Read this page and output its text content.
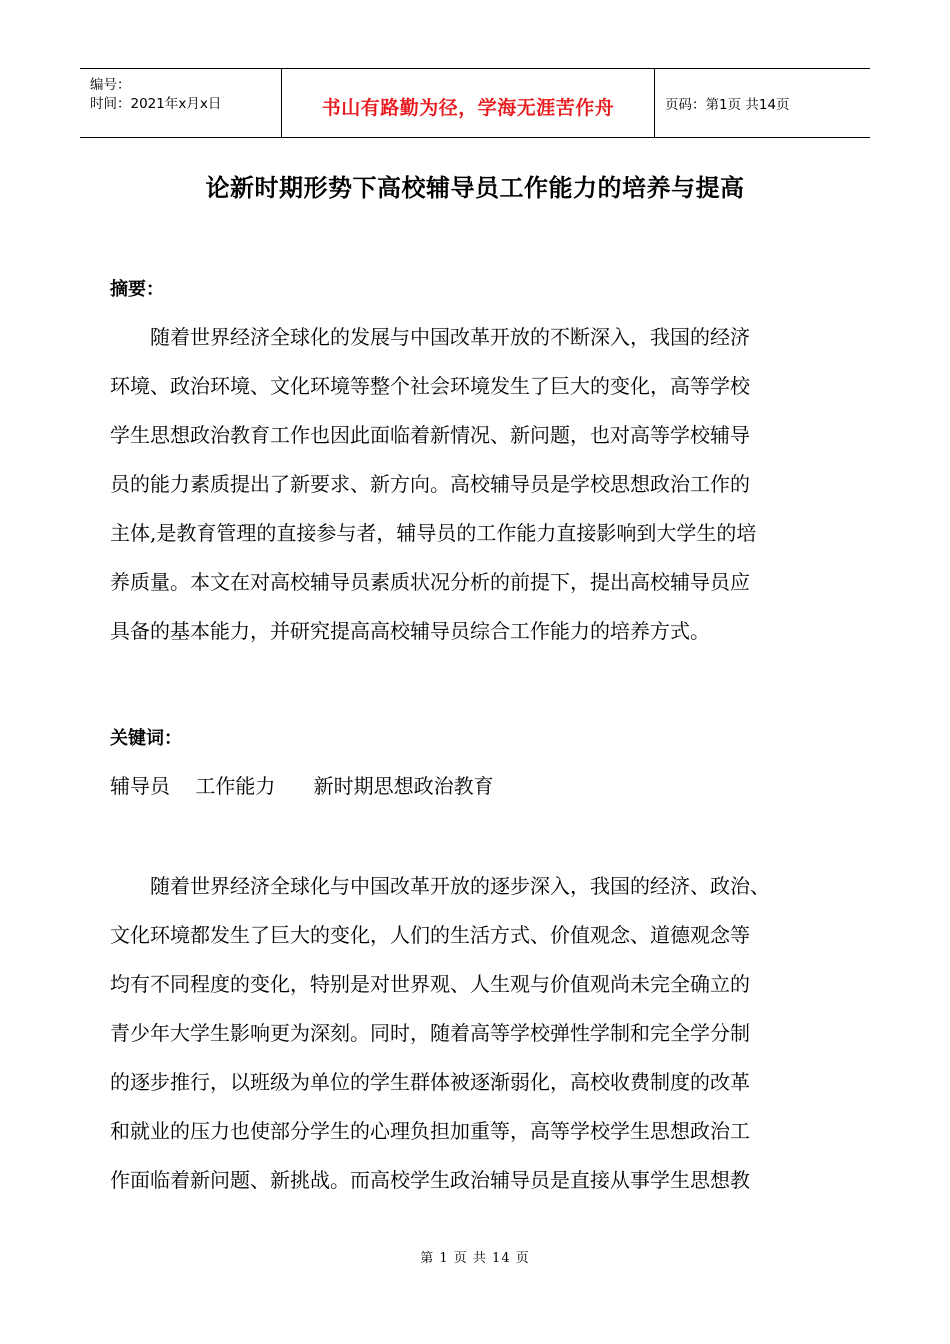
编号：
时间：2021年x月x日	书山有路勤为径，学海无涯苦作舟	页码：第1页 共14页
论新时期形势下高校辅导员工作能力的培养与提高
摘要：

　　随着世界经济全球化的发展与中国改革开放的不断深入，我国的经济
环境、政治环境、文化环境等整个社会环境发生了巨大的变化，高等学校
学生思想政治教育工作也因此面临着新情况、新问题，也对高等学校辅导
员的能力素质提出了新要求、新方向。高校辅导员是学校思想政治工作的
主体,是教育管理的直接参与者，辅导员的工作能力直接影响到大学生的培
养质量。本文在对高校辅导员素质状况分析的前提下，提出高校辅导员应
具备的基本能力，并研究提高高校辅导员综合工作能力的培养方式。

关键词：
辅导员    工作能力      新时期思想政治教育

　　随着世界经济全球化与中国改革开放的逐步深入，我国的经济、政治、
文化环境都发生了巨大的变化，人们的生活方式、价值观念、道德观念等
均有不同程度的变化，特别是对世界观、人生观与价值观尚未完全确立的
青少年大学生影响更为深刻。同时，随着高等学校弹性学制和完全学分制
的逐步推行，以班级为单位的学生群体被逐渐弱化，高校收费制度的改革
和就业的压力也使部分学生的心理负担加重等，高等学校学生思想政治工
作面临着新问题、新挑战。而高校学生政治辅导员是直接从事学生思想教

第 1 页 共 14 页
